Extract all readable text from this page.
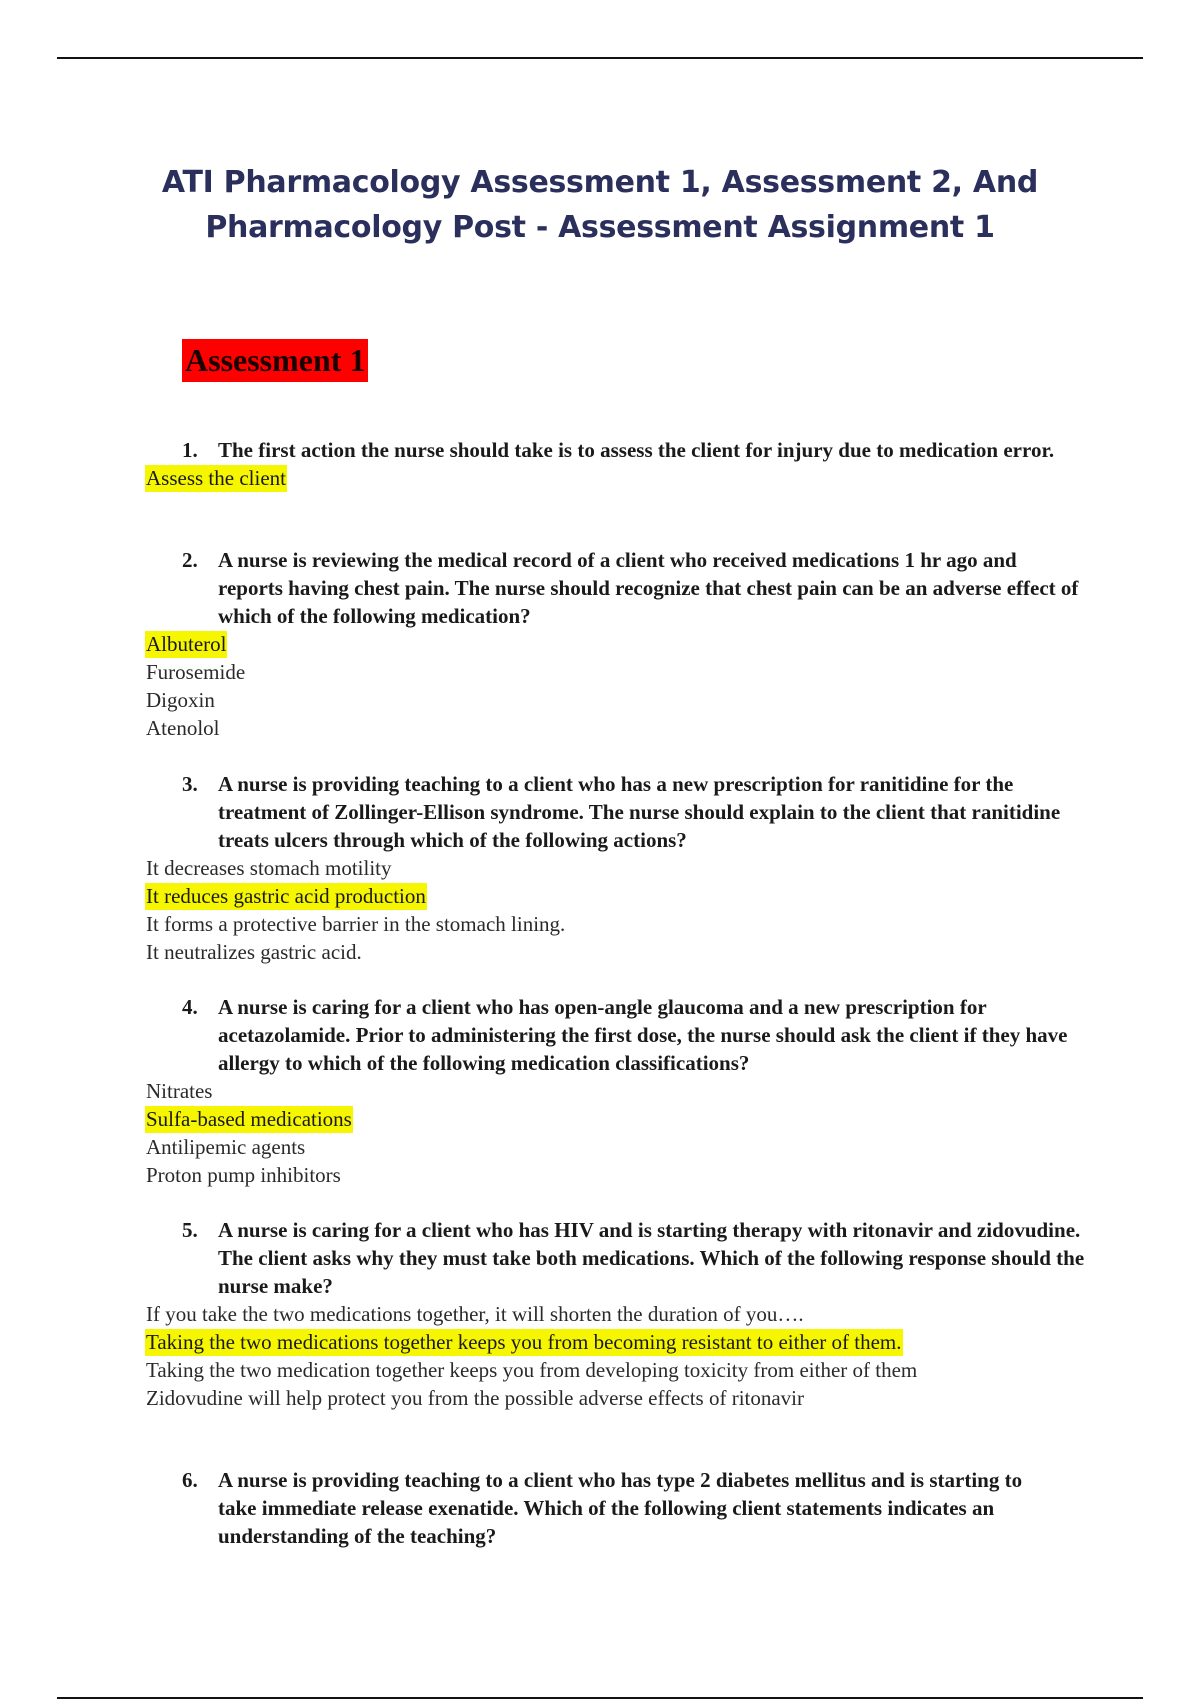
ATI Pharmacology Assessment 1, Assessment 2, And Pharmacology Post - Assessment Assignment 1
Assessment 1
1. The first action the nurse should take is to assess the client for injury due to medication error.
Assess the client
2. A nurse is reviewing the medical record of a client who received medications 1 hr ago and reports having chest pain. The nurse should recognize that chest pain can be an adverse effect of which of the following medication?
Albuterol
Furosemide
Digoxin
Atenolol
3. A nurse is providing teaching to a client who has a new prescription for ranitidine for the treatment of Zollinger-Ellison syndrome. The nurse should explain to the client that ranitidine treats ulcers through which of the following actions?
It decreases stomach motility
It reduces gastric acid production
It forms a protective barrier in the stomach lining.
It neutralizes gastric acid.
4. A nurse is caring for a client who has open-angle glaucoma and a new prescription for acetazolamide. Prior to administering the first dose, the nurse should ask the client if they have allergy to which of the following medication classifications?
Nitrates
Sulfa-based medications
Antilipemic agents
Proton pump inhibitors
5. A nurse is caring for a client who has HIV and is starting therapy with ritonavir and zidovudine. The client asks why they must take both medications. Which of the following response should the nurse make?
If you take the two medications together, it will shorten the duration of you….
Taking the two medications together keeps you from becoming resistant to either of them.
Taking the two medication together keeps you from developing toxicity from either of them
Zidovudine will help protect you from the possible adverse effects of ritonavir
6. A nurse is providing teaching to a client who has type 2 diabetes mellitus and is starting to take immediate release exenatide. Which of the following client statements indicates an understanding of the teaching?
